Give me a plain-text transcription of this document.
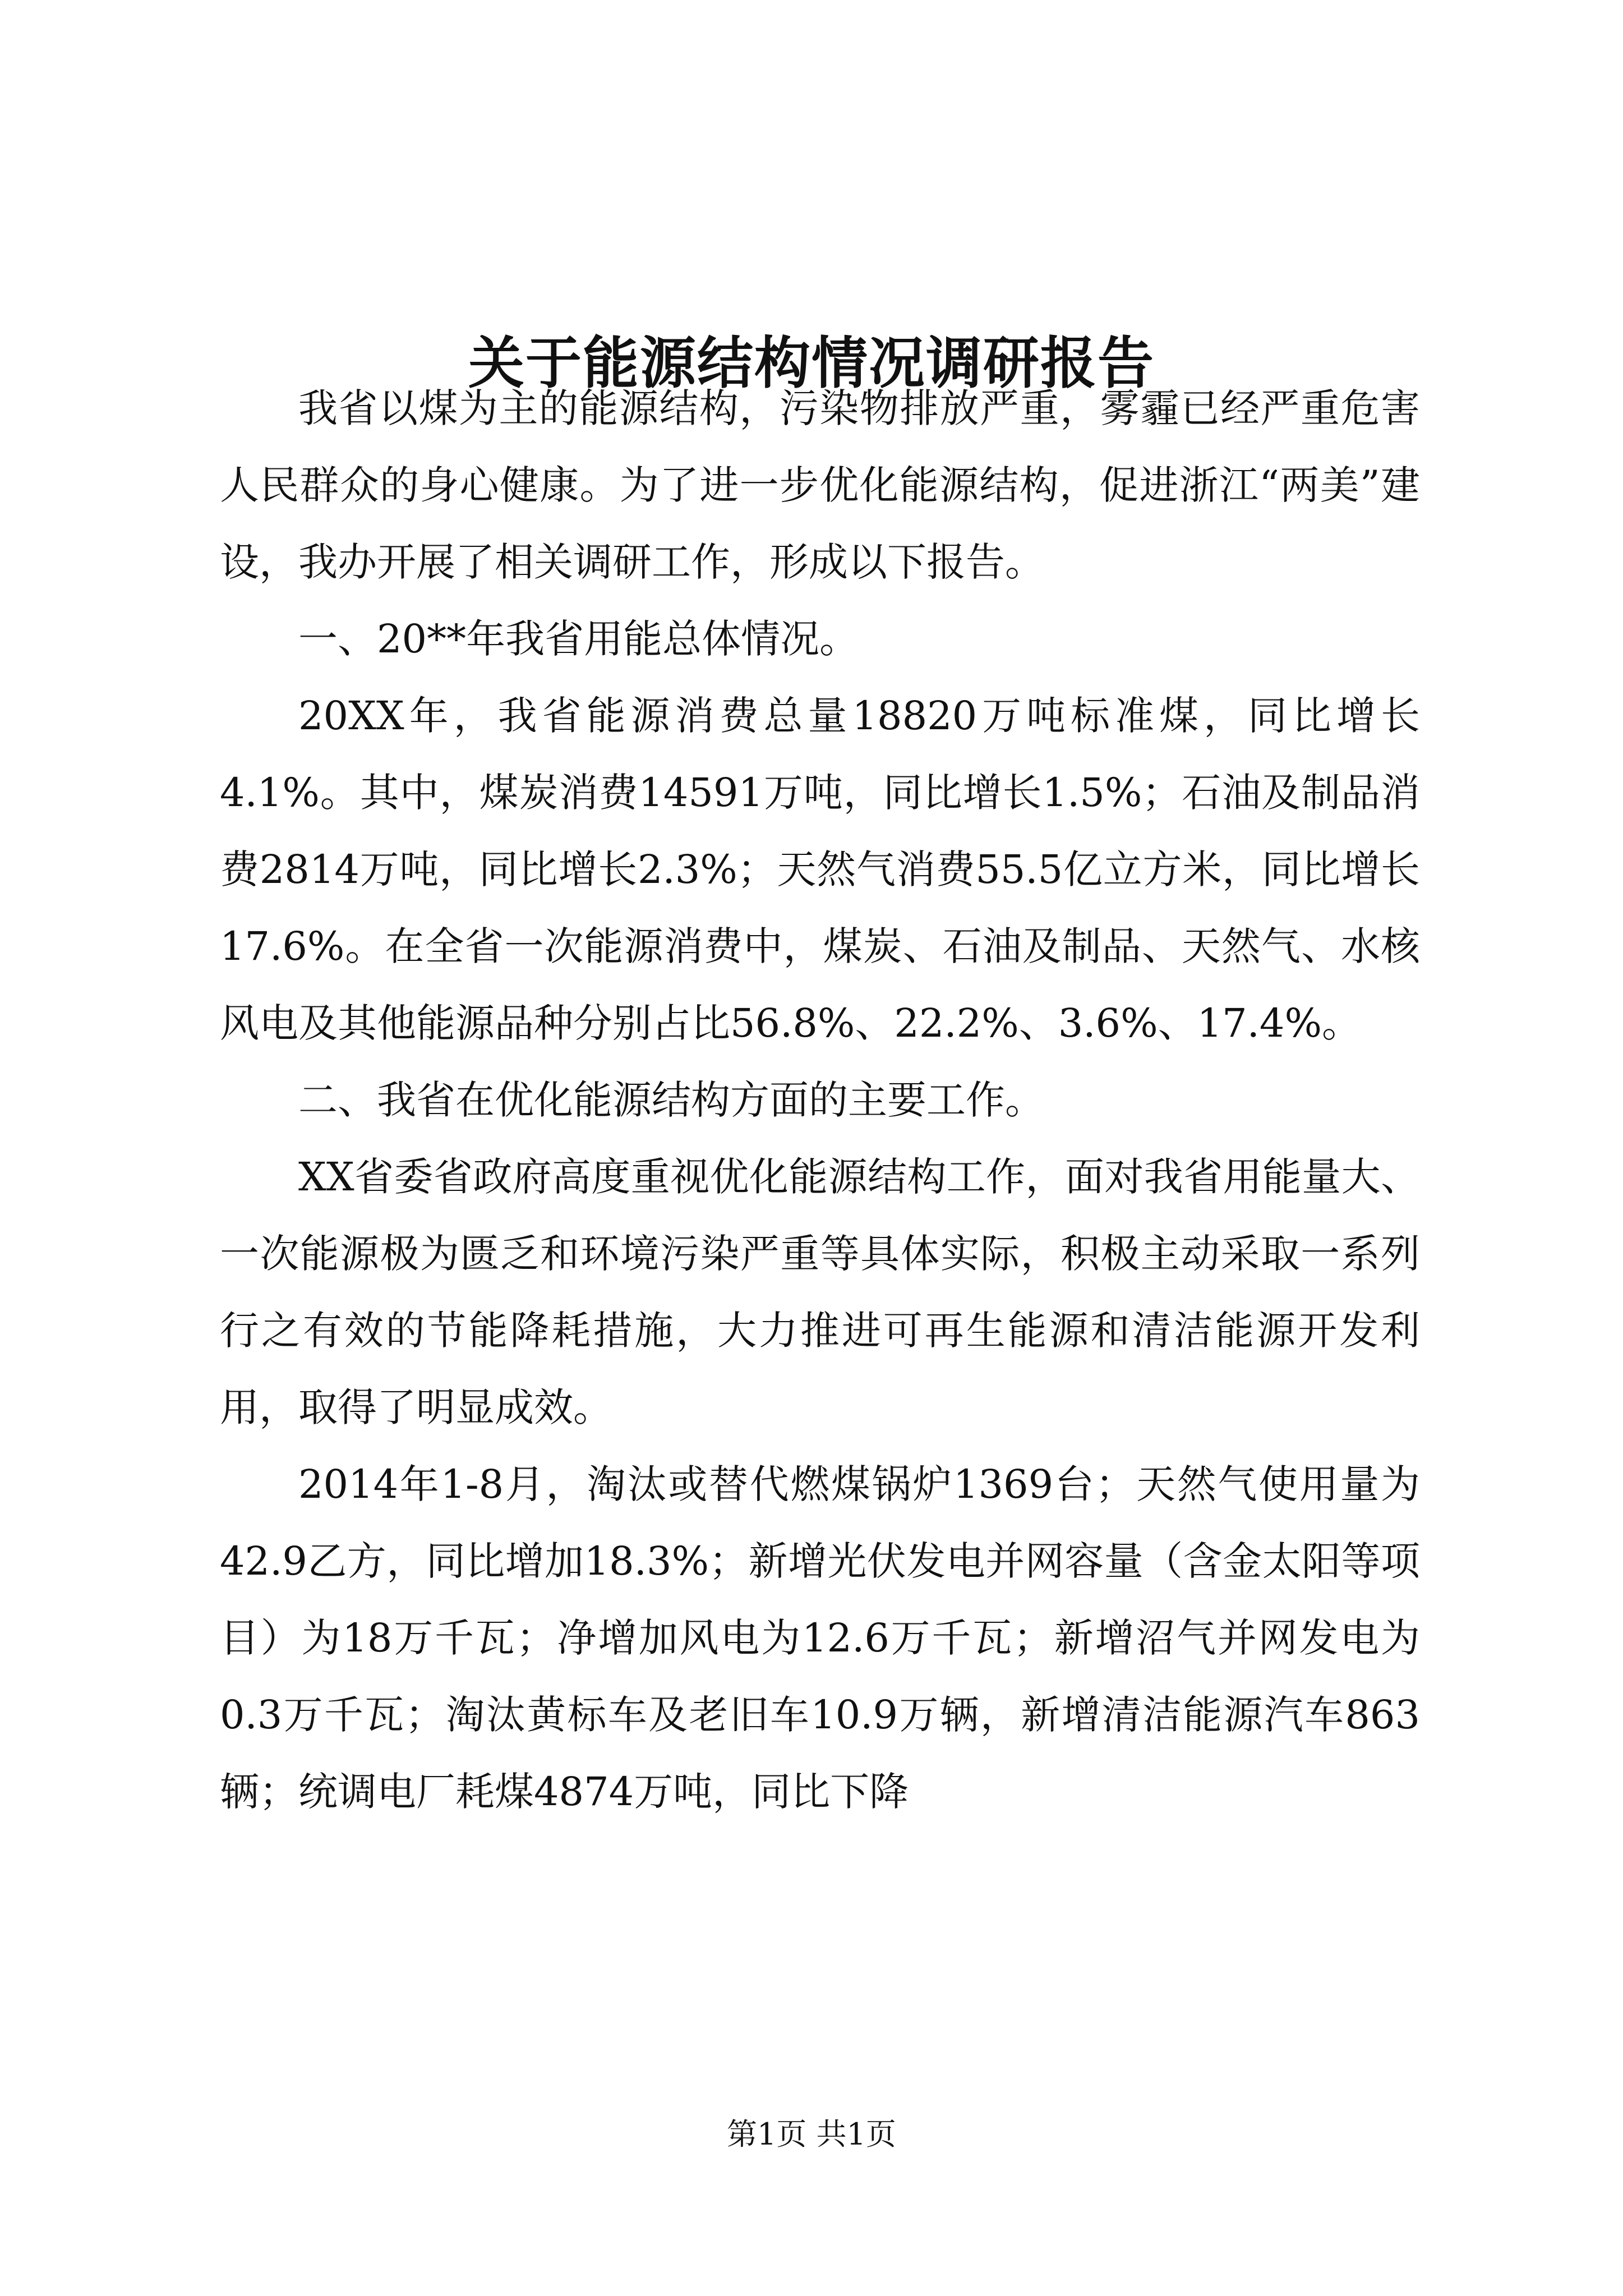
关于能源结构情况调研报告

我省以煤为主的能源结构，污染物排放严重，雾霾已经严重危害人民群众的身心健康。为了进一步优化能源结构，促进浙江“两美”建设，我办开展了相关调研工作，形成以下报告。

一、20**年我省用能总体情况。

20XX年，我省能源消费总量18820万吨标准煤，同比增长4.1%。其中，煤炭消费14591万吨，同比增长1.5%；石油及制品消费2814万吨，同比增长2.3%；天然气消费55.5亿立方米，同比增长17.6%。在全省一次能源消费中，煤炭、石油及制品、天然气、水核风电及其他能源品种分别占比56.8%、22.2%、3.6%、17.4%。

二、我省在优化能源结构方面的主要工作。

XX省委省政府高度重视优化能源结构工作，面对我省用能量大、一次能源极为匮乏和环境污染严重等具体实际，积极主动采取一系列行之有效的节能降耗措施，大力推进可再生能源和清洁能源开发利用，取得了明显成效。

2014年1-8月，淘汰或替代燃煤锅炉1369台；天然气使用量为42.9乙方，同比增加18.3%；新增光伏发电并网容量（含金太阳等项目）为18万千瓦；净增加风电为12.6万千瓦；新增沼气并网发电为0.3万千瓦；淘汰黄标车及老旧车10.9万辆，新增清洁能源汽车863辆；统调电厂耗煤4874万吨，同比下降

第1页 共1页
